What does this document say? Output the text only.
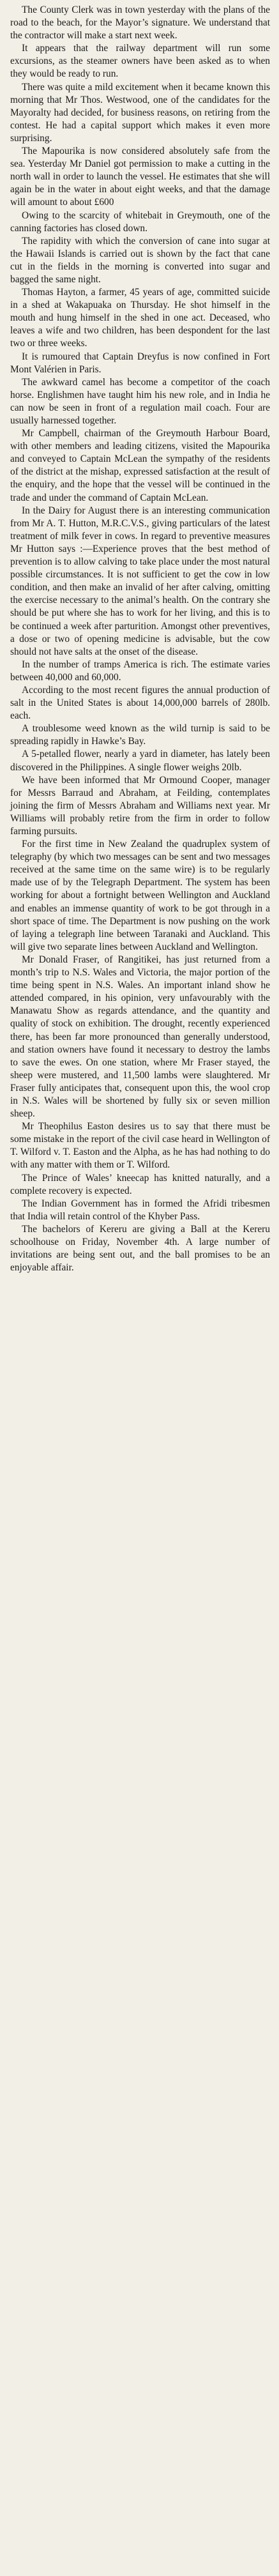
The County Clerk was in town yesterday with the plans of the road to the beach, for the Mayor’s signature. We understand that the contractor will make a start next week.

It appears that the railway department will run some excursions, as the steamer owners have been asked as to when they would be ready to run.

There was quite a mild excitement when it became known this morning that Mr Thos. Westwood, one of the candidates for the Mayoralty had decided, for business reasons, on retiring from the contest. He had a capital support which makes it even more surprising.

The Mapourika is now considered absolutely safe from the sea. Yesterday Mr Daniel got permission to make a cutting in the north wall in order to launch the vessel. He estimates that she will again be in the water in about eight weeks, and that the damage will amount to about £600

Owing to the scarcity of whitebait in Greymouth, one of the canning factories has closed down.

The rapidity with which the conversion of cane into sugar at the Hawaii Islands is carried out is shown by the fact that cane cut in the fields in the morning is converted into sugar and bagged the same night.

Thomas Hayton, a farmer, 45 years of age, committed suicide in a shed at Wakapuaka on Thursday. He shot himself in the mouth and hung himself in the shed in one act. Deceased, who leaves a wife and two children, has been despondent for the last two or three weeks.

It is rumoured that Captain Dreyfus is now confined in Fort Mont Valérien in Paris.

The awkward camel has become a competitor of the coach horse. Englishmen have taught him his new role, and in India he can now be seen in front of a regulation mail coach. Four are usually harnessed together.

Mr Campbell, chairman of the Greymouth Harbour Board, with other members and leading citizens, visited the Mapourika and conveyed to Captain McLean the sympathy of the residents of the district at the mishap, expressed satisfaction at the result of the enquiry, and the hope that the vessel will be continued in the trade and under the command of Captain McLean.

In the Dairy for August there is an interesting communication from Mr A. T. Hutton, M.R.C.V.S., giving particulars of the latest treatment of milk fever in cows. In regard to preventive measures Mr Hutton says :—Experience proves that the best method of prevention is to allow calving to take place under the most natural possible circumstances. It is not sufficient to get the cow in low condition, and then make an invalid of her after calving, omitting the exercise necessary to the animal’s health. On the contrary she should be put where she has to work for her living, and this is to be continued a week after parturition. Amongst other preventives, a dose or two of opening medicine is advisable, but the cow should not have salts at the onset of the disease.

In the number of tramps America is rich. The estimate varies between 40,000 and 60,000.

According to the most recent figures the annual production of salt in the United States is about 14,000,000 barrels of 280lb. each.

A troublesome weed known as the wild turnip is said to be spreading rapidly in Hawke’s Bay.

A 5-petalled flower, nearly a yard in diameter, has lately been discovered in the Philippines. A single flower weighs 20lb.

We have been informed that Mr Ormound Cooper, manager for Messrs Barraud and Abraham, at Feilding, contemplates joining the firm of Messrs Abraham and Williams next year. Mr Williams will probably retire from the firm in order to follow farming pursuits.

For the first time in New Zealand the quadruplex system of telegraphy (by which two messages can be sent and two messages received at the same time on the same wire) is to be regularly made use of by the Telegraph Department. The system has been working for about a fortnight between Wellington and Auckland and enables an immense quantity of work to be got through in a short space of time. The Department is now pushing on the work of laying a telegraph line between Taranaki and Auckland. This will give two separate lines between Auckland and Wellington.

Mr Donald Fraser, of Rangitikei, has just returned from a month’s trip to N.S. Wales and Victoria, the major portion of the time being spent in N.S. Wales. An important inland show he attended compared, in his opinion, very unfavourably with the Manawatu Show as regards attendance, and the quantity and quality of stock on exhibition. The drought, recently experienced there, has been far more pronounced than generally understood, and station owners have found it necessary to destroy the lambs to save the ewes. On one station, where Mr Fraser stayed, the sheep were mustered, and 11,500 lambs were slaughtered. Mr Fraser fully anticipates that, consequent upon this, the wool crop in N.S. Wales will be shortened by fully six or seven million sheep.

Mr Theophilus Easton desires us to say that there must be some mistake in the report of the civil case heard in Wellington of T. Wilford v. T. Easton and the Alpha, as he has had nothing to do with any matter with them or T. Wilford.

The Prince of Wales’ kneecap has knitted naturally, and a complete recovery is expected.

The Indian Government has in formed the Afridi tribesmen that India will retain control of the Khyber Pass.

The bachelors of Kereru are giving a Ball at the Kereru schoolhouse on Friday, November 4th. A large number of invitations are being sent out, and the ball promises to be an enjoyable affair.
